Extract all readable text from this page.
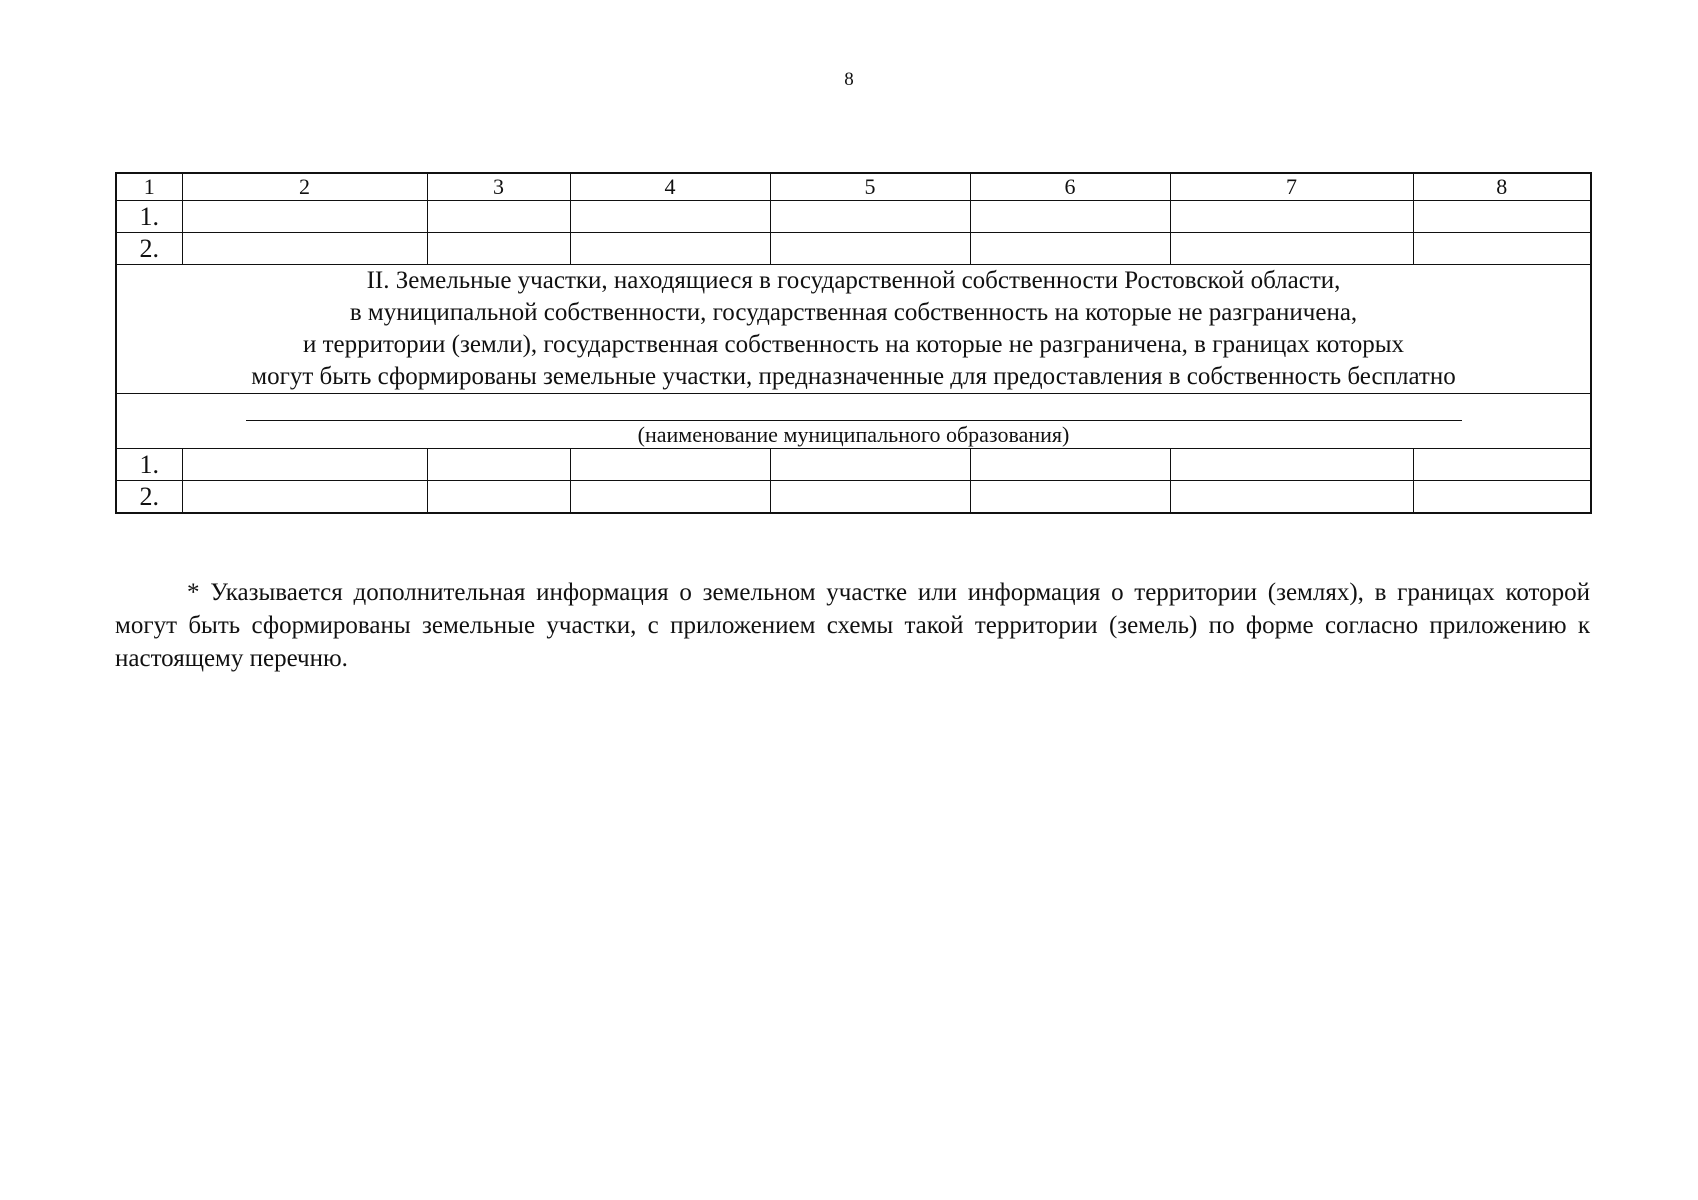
8
1	2	3	4	5	6	7	8
1.							
2.							

II. Земельные участки, находящиеся в государственной собственности Ростовской области,
в муниципальной собственности, государственная собственность на которые не разграничена,
и территории (земли), государственная собственность на которые не разграничена, в границах которых
могут быть сформированы земельные участки, предназначенные для предоставления в собственность бесплатно							

(наименование муниципального образования)							

1.							
2.							

* Указывается дополнительная информация о земельном участке или информация о территории (землях), в границах которой могут быть сформированы земельные участки, с приложением схемы такой территории (земель) по форме согласно приложению к настоящему перечню.
